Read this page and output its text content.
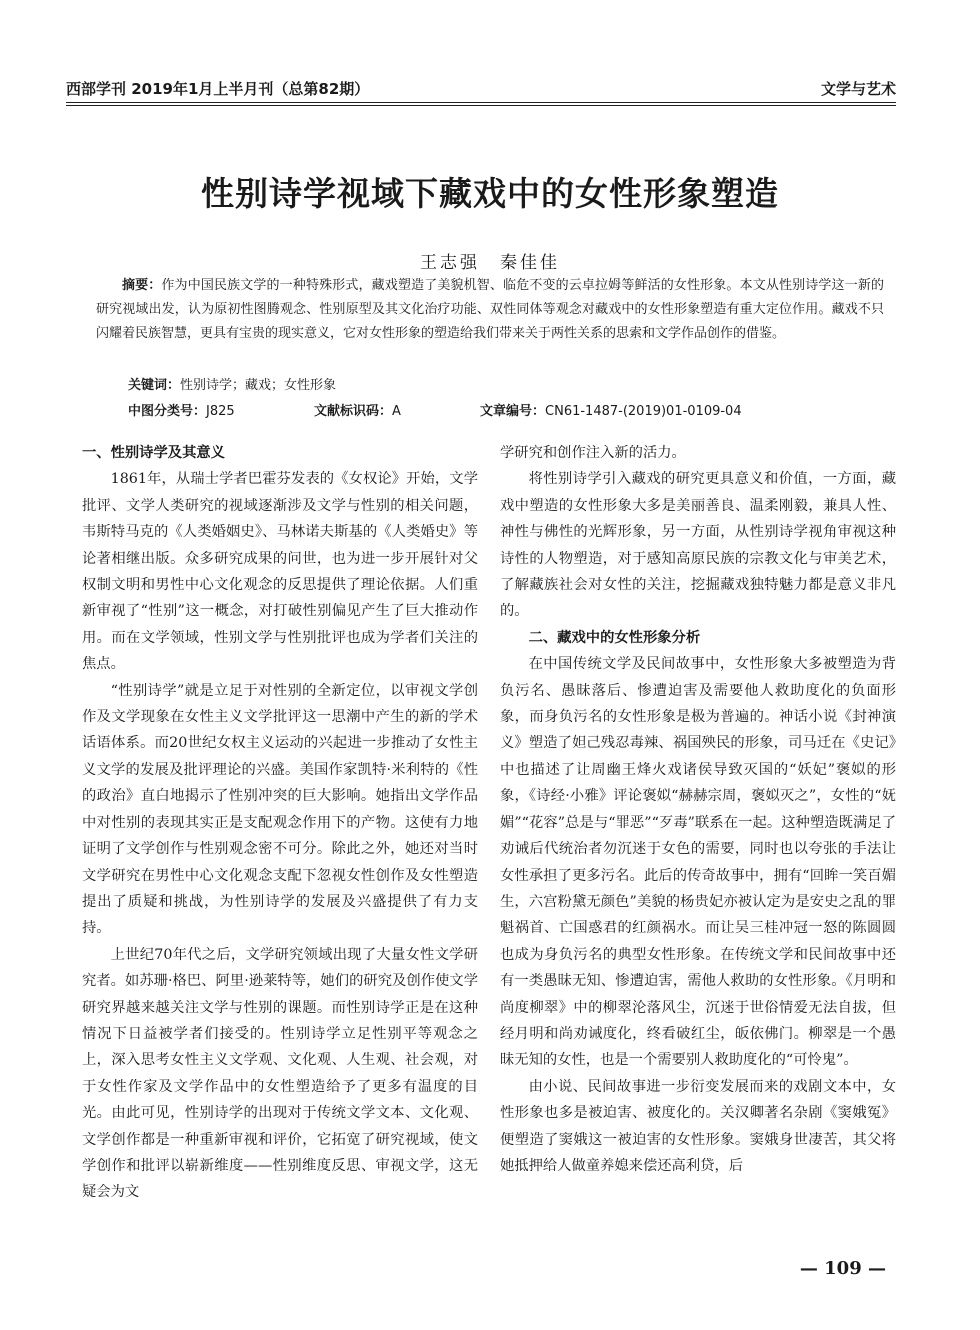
西部学刊 2019年1月上半月刊（总第82期）	文学与艺术
性别诗学视域下藏戏中的女性形象塑造
王志强　秦佳佳

摘要：作为中国民族文学的一种特殊形式，藏戏塑造了美貌机智、临危不变的云卓拉姆等鲜活的女性形象。本文从性别诗学这一新的研究视域出发，认为原初性图腾观念、性别原型及其文化治疗功能、双性同体等观念对藏戏中的女性形象塑造有重大定位作用。藏戏不只闪耀着民族智慧，更具有宝贵的现实意义，它对女性形象的塑造给我们带来关于两性关系的思索和文学作品创作的借鉴。

关键词：性别诗学；藏戏；女性形象
中图分类号：J825	文献标识码：A	文章编号：CN61-1487-(2019)01-0109-04
一、性别诗学及其意义

1861年，从瑞士学者巴霍芬发表的《女权论》开始，文学批评、文学人类研究的视域逐渐涉及文学与性别的相关问题，韦斯特马克的《人类婚姻史》、马林诺夫斯基的《人类婚史》等论著相继出版。众多研究成果的问世，也为进一步开展针对父权制文明和男性中心文化观念的反思提供了理论依据。人们重新审视了“性别”这一概念，对打破性别偏见产生了巨大推动作用。而在文学领域，性别文学与性别批评也成为学者们关注的焦点。

“性别诗学”就是立足于对性别的全新定位，以审视文学创作及文学现象在女性主义文学批评这一思潮中产生的新的学术话语体系。而20世纪女权主义运动的兴起进一步推动了女性主义文学的发展及批评理论的兴盛。美国作家凯特·米利特的《性的政治》直白地揭示了性别冲突的巨大影响。她指出文学作品中对性别的表现其实正是支配观念作用下的产物。这使有力地证明了文学创作与性别观念密不可分。除此之外，她还对当时文学研究在男性中心文化观念支配下忽视女性创作及女性塑造提出了质疑和挑战，为性别诗学的发展及兴盛提供了有力支持。

上世纪70年代之后，文学研究领域出现了大量女性文学研究者。如苏珊·格巴、阿里·逊莱特等，她们的研究及创作使文学研究界越来越关注文学与性别的课题。而性别诗学正是在这种情况下日益被学者们接受的。性别诗学立足性别平等观念之上，深入思考女性主义文学观、文化观、人生观、社会观，对于女性作家及文学作品中的女性塑造给予了更多有温度的目光。由此可见，性别诗学的出现对于传统文学文本、文化观、文学创作都是一种重新审视和评价，它拓宽了研究视域，使文学创作和批评以崭新维度——性别维度反思、审视文学，这无疑会为文

学研究和创作注入新的活力。

将性别诗学引入藏戏的研究更具意义和价值，一方面，藏戏中塑造的女性形象大多是美丽善良、温柔刚毅，兼具人性、神性与佛性的光辉形象，另一方面，从性别诗学视角审视这种诗性的人物塑造，对于感知高原民族的宗教文化与审美艺术，了解藏族社会对女性的关注，挖掘藏戏独特魅力都是意义非凡的。

二、藏戏中的女性形象分析

在中国传统文学及民间故事中，女性形象大多被塑造为背负污名、愚昧落后、惨遭迫害及需要他人救助度化的负面形象，而身负污名的女性形象是极为普遍的。神话小说《封神演义》塑造了妲己残忍毒辣、祸国殃民的形象，司马迁在《史记》中也描述了让周幽王烽火戏诸侯导致灭国的“妖妃”褒姒的形象，《诗经·小雅》评论褒姒“赫赫宗周，褒姒灭之”，女性的“妩媚”“花容”总是与“罪恶”“歹毒”联系在一起。这种塑造既满足了劝诫后代统治者勿沉迷于女色的需要，同时也以夸张的手法让女性承担了更多污名。此后的传奇故事中，拥有“回眸一笑百媚生，六宫粉黛无颜色”美貌的杨贵妃亦被认定为是安史之乱的罪魁祸首、亡国惑君的红颜祸水。而让吴三桂冲冠一怒的陈圆圆也成为身负污名的典型女性形象。在传统文学和民间故事中还有一类愚昧无知、惨遭迫害，需他人救助的女性形象。《月明和尚度柳翠》中的柳翠沦落风尘，沉迷于世俗情爱无法自拔，但经月明和尚劝诫度化，终看破红尘，皈依佛门。柳翠是一个愚昧无知的女性，也是一个需要别人救助度化的“可怜鬼”。

由小说、民间故事进一步衍变发展而来的戏剧文本中，女性形象也多是被迫害、被度化的。关汉卿著名杂剧《窦娥冤》便塑造了窦娥这一被迫害的女性形象。窦娥身世凄苦，其父将她抵押给人做童养媳来偿还高利贷，后

— 109 —
